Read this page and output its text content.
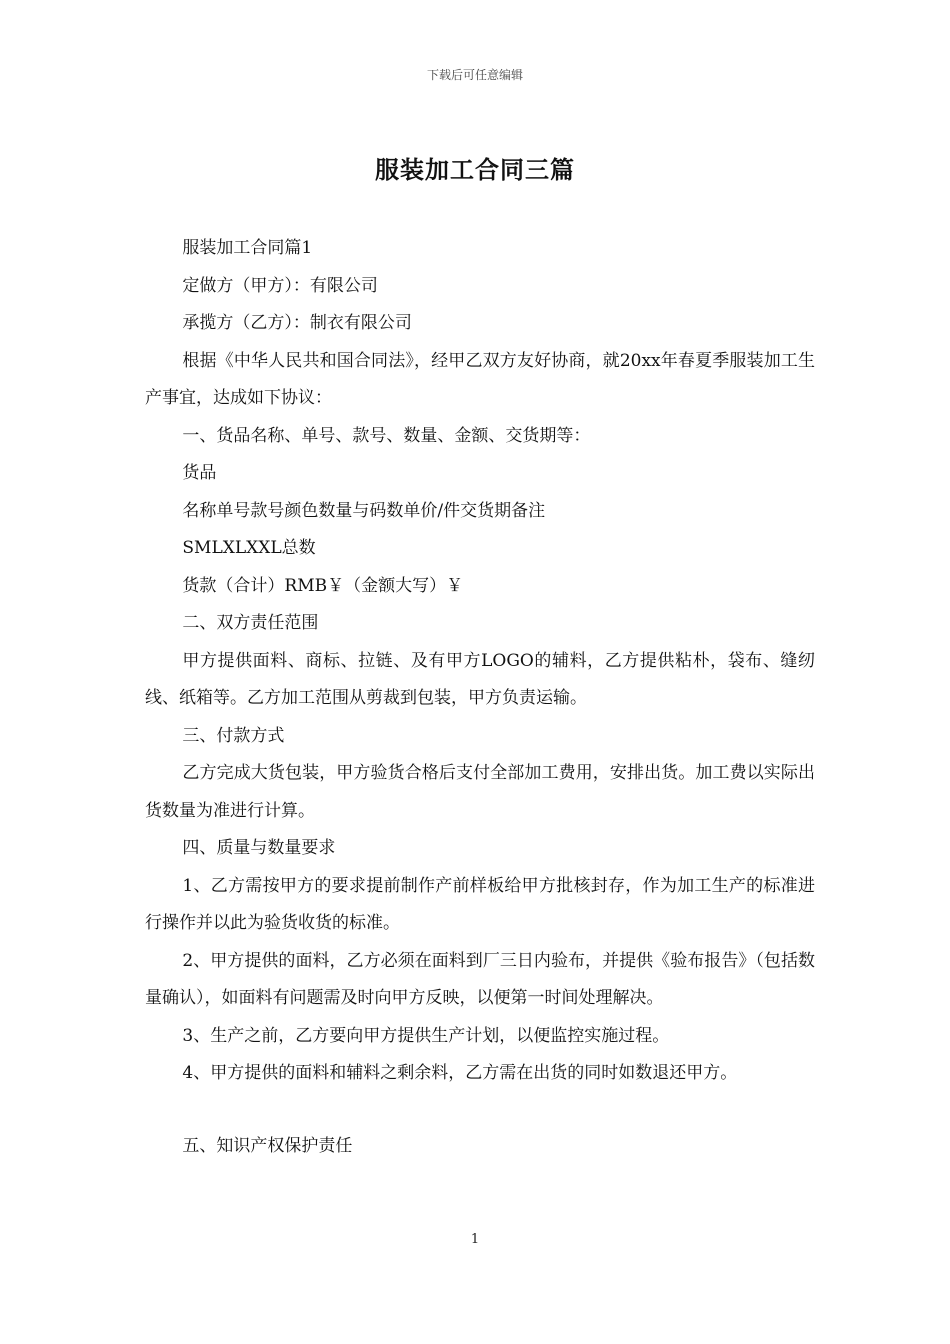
下载后可任意编辑
服装加工合同三篇

服装加工合同篇1

定做方（甲方）：有限公司

承揽方（乙方）：制衣有限公司

根据《中华人民共和国合同法》，经甲乙双方友好协商，就20xx年春夏季服装加工生产事宜，达成如下协议：

一、货品名称、单号、款号、数量、金额、交货期等：

货品

名称单号款号颜色数量与码数单价/件交货期备注

SMLXLXXL总数

货款（合计）RMB￥（金额大写）￥

二、双方责任范围

甲方提供面料、商标、拉链、及有甲方LOGO的辅料，乙方提供粘朴，袋布、缝纫线、纸箱等。乙方加工范围从剪裁到包装，甲方负责运输。

三、付款方式

乙方完成大货包装，甲方验货合格后支付全部加工费用，安排出货。加工费以实际出货数量为准进行计算。

四、质量与数量要求

1、乙方需按甲方的要求提前制作产前样板给甲方批核封存，作为加工生产的标准进行操作并以此为验货收货的标准。

2、甲方提供的面料，乙方必须在面料到厂三日内验布，并提供《验布报告》（包括数量确认），如面料有问题需及时向甲方反映，以便第一时间处理解决。

3、生产之前，乙方要向甲方提供生产计划，以便监控实施过程。

4、甲方提供的面料和辅料之剩余料，乙方需在出货的同时如数退还甲方。

五、知识产权保护责任

1
